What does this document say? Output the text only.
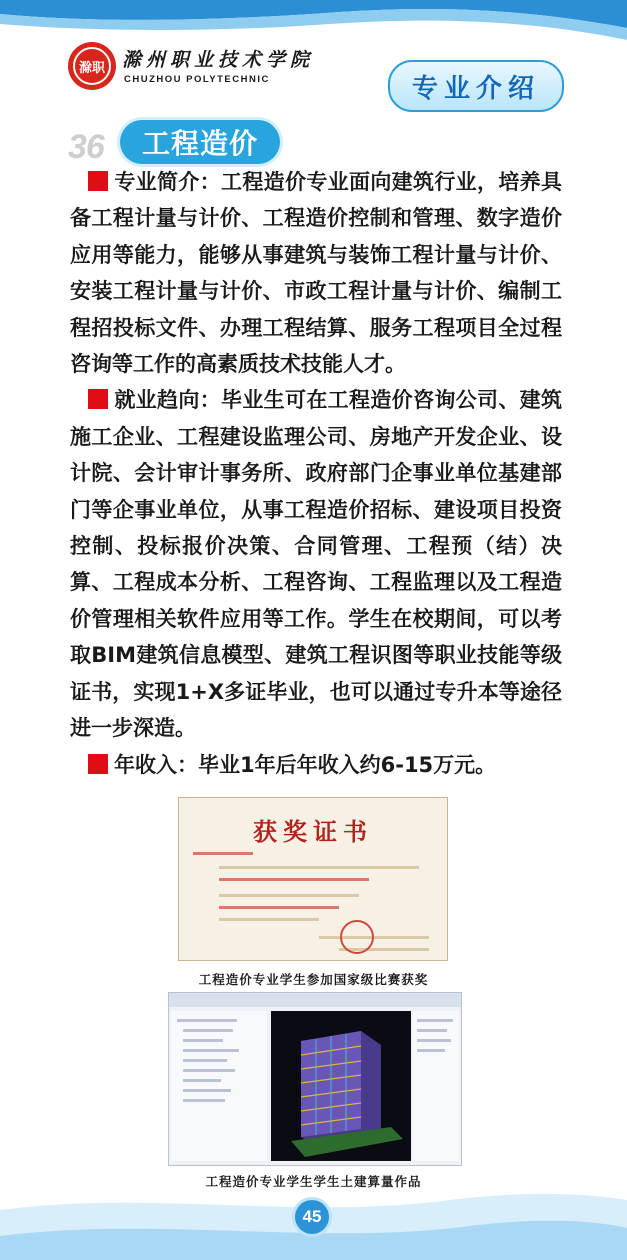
滁职 滁州职业技术学院
CHUZHOU POLYTECHNIC	专业介绍
36	工程造价

专业简介：工程造价专业面向建筑行业，培养具备工程计量与计价、工程造价控制和管理、数字造价应用等能力，能够从事建筑与装饰工程计量与计价、安装工程计量与计价、市政工程计量与计价、编制工程招投标文件、办理工程结算、服务工程项目全过程咨询等工作的高素质技术技能人才。

就业趋向：毕业生可在工程造价咨询公司、建筑施工企业、工程建设监理公司、房地产开发企业、设计院、会计审计事务所、政府部门企事业单位基建部门等企事业单位，从事工程造价招标、建设项目投资控制、投标报价决策、合同管理、工程预（结）决算、工程成本分析、工程咨询、工程监理以及工程造价管理相关软件应用等工作。学生在校期间，可以考取BIM建筑信息模型、建筑工程识图等职业技能等级证书，实现1+X多证毕业，也可以通过专升本等途径进一步深造。

年收入：毕业1年后年收入约6-15万元。

获奖证书
工程造价专业学生参加国家级比赛获奖
工程造价专业学生学生土建算量作品
45
